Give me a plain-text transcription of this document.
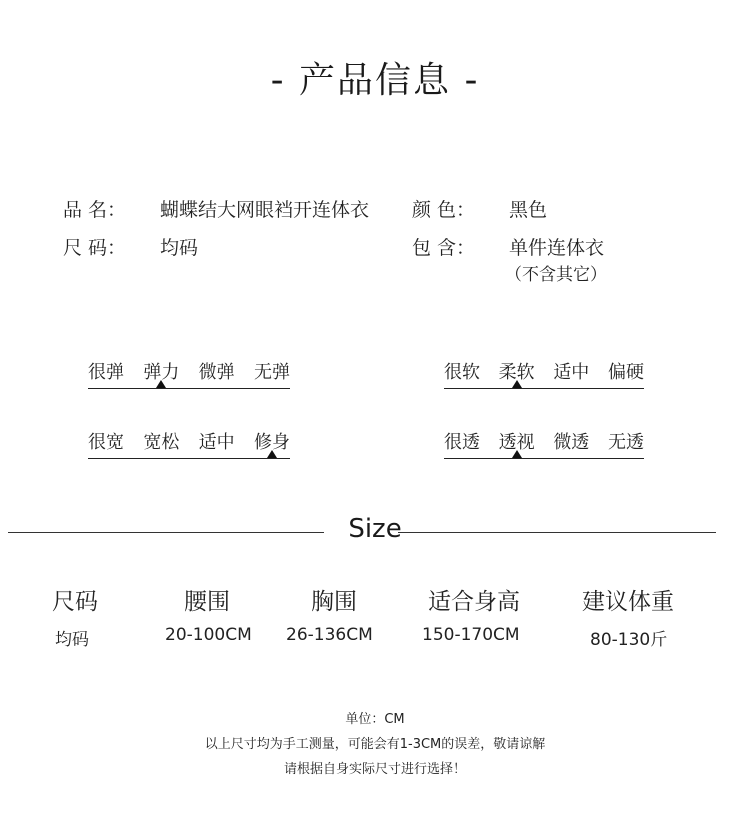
- 产品信息 -
品 名： 蝴蝶结大网眼裆开连体衣 颜 色： 黑色
尺 码： 均码	包 含： 单件连体衣
（不含其它）
很弹 弹力 微弹 无弹	很软 柔软 适中 偏硬
很宽 宽松 适中 修身	很透 透视 微透 无透
Size
尺码	腰围	胸围	适合身高	建议体重
均码	20-100CM 26-136CM	150-170CM	80-130斤
单位：CM
以上尺寸均为手工测量，可能会有1-3CM的误差，敬请谅解
请根据自身实际尺寸进行选择！
